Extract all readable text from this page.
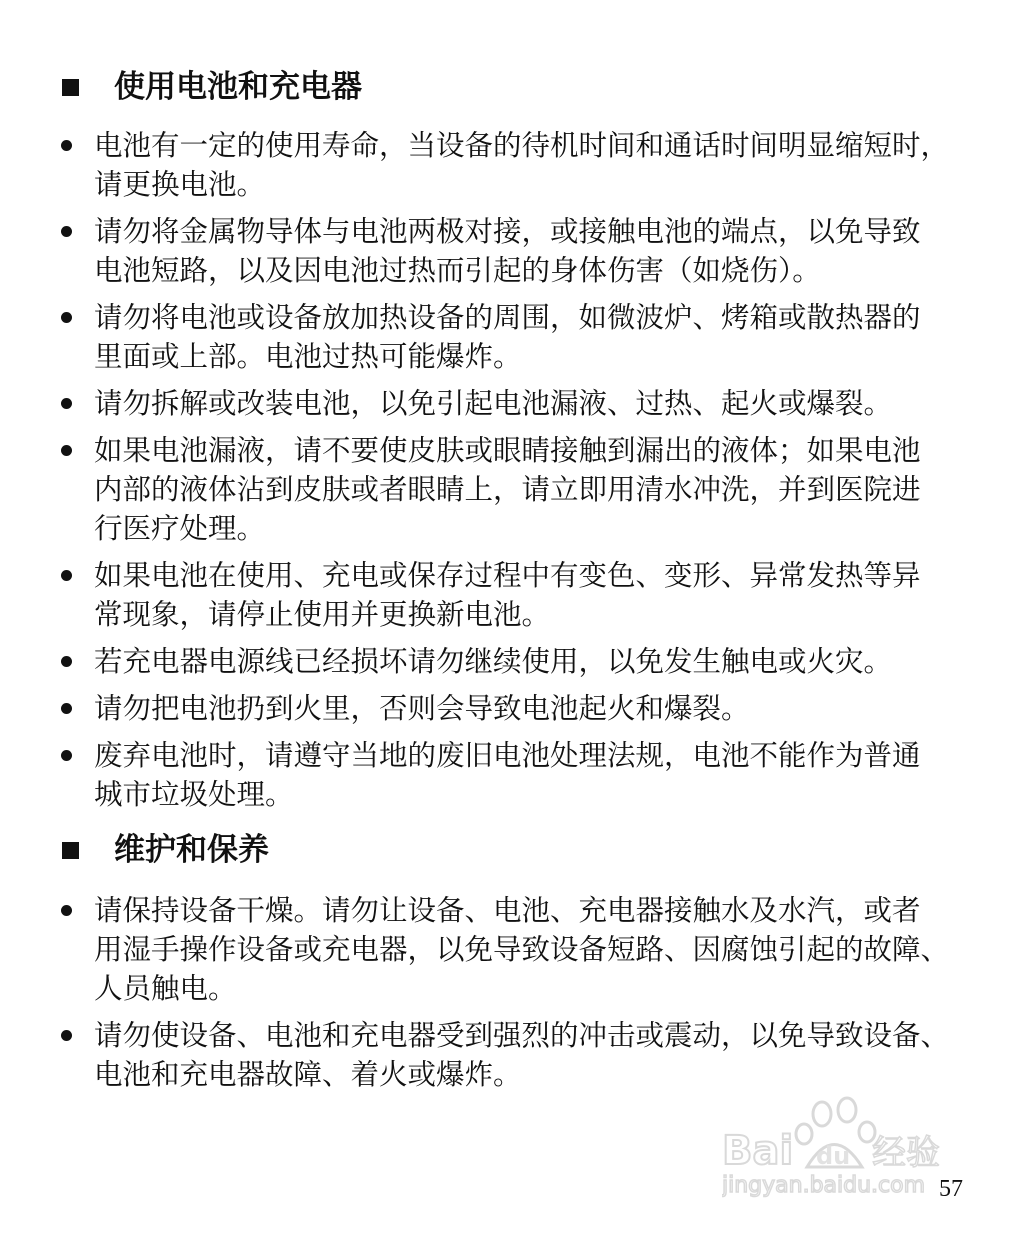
使用电池和充电器
电池有一定的使用寿命，当设备的待机时间和通话时间明显缩短时，
请更换电池。
请勿将金属物导体与电池两极对接，或接触电池的端点，以免导致
电池短路，以及因电池过热而引起的身体伤害（如烧伤）。
请勿将电池或设备放加热设备的周围，如微波炉、烤箱或散热器的
里面或上部。电池过热可能爆炸。
请勿拆解或改装电池，以免引起电池漏液、过热、起火或爆裂。
如果电池漏液，请不要使皮肤或眼睛接触到漏出的液体；如果电池
内部的液体沾到皮肤或者眼睛上，请立即用清水冲洗，并到医院进
行医疗处理。
如果电池在使用、充电或保存过程中有变色、变形、异常发热等异
常现象，请停止使用并更换新电池。
若充电器电源线已经损坏请勿继续使用，以免发生触电或火灾。
请勿把电池扔到火里，否则会导致电池起火和爆裂。
废弃电池时，请遵守当地的废旧电池处理法规，电池不能作为普通
城市垃圾处理。
维护和保养
请保持设备干燥。请勿让设备、电池、充电器接触水及水汽，或者
用湿手操作设备或充电器，以免导致设备短路、因腐蚀引起的故障、
人员触电。
请勿使设备、电池和充电器受到强烈的冲击或震动，以免导致设备、
电池和充电器故障、着火或爆炸。
Bai du 经验
jingyan.baidu.com 57
